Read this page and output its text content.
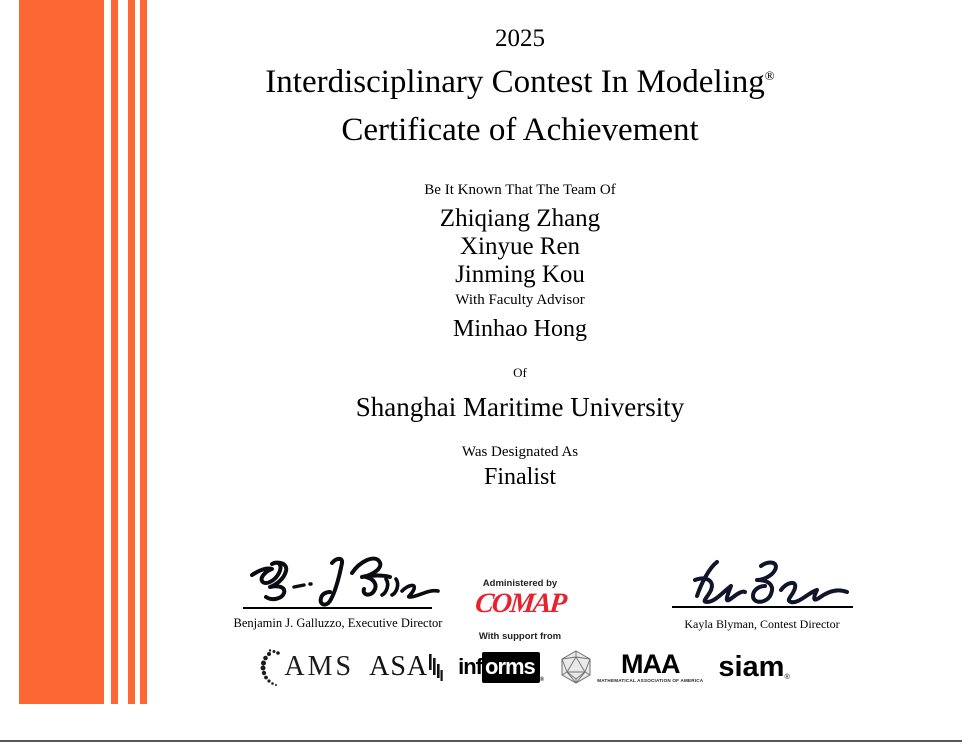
2025
Interdisciplinary Contest In Modeling®
Certificate of Achievement
Be It Known That The Team Of
Zhiqiang Zhang
Xinyue Ren
Jinming Kou
With Faculty Advisor
Minhao Hong
Of
Shanghai Maritime University
Was Designated As
Finalist
Benjamin J. Galluzzo, Executive Director
Administered by
COMAP
With support from
Kayla Blyman, Contest Director
AMS ASA inf orms
®
MAA
MATHEMATICAL ASSOCIATION OF AMERICA siam ®
